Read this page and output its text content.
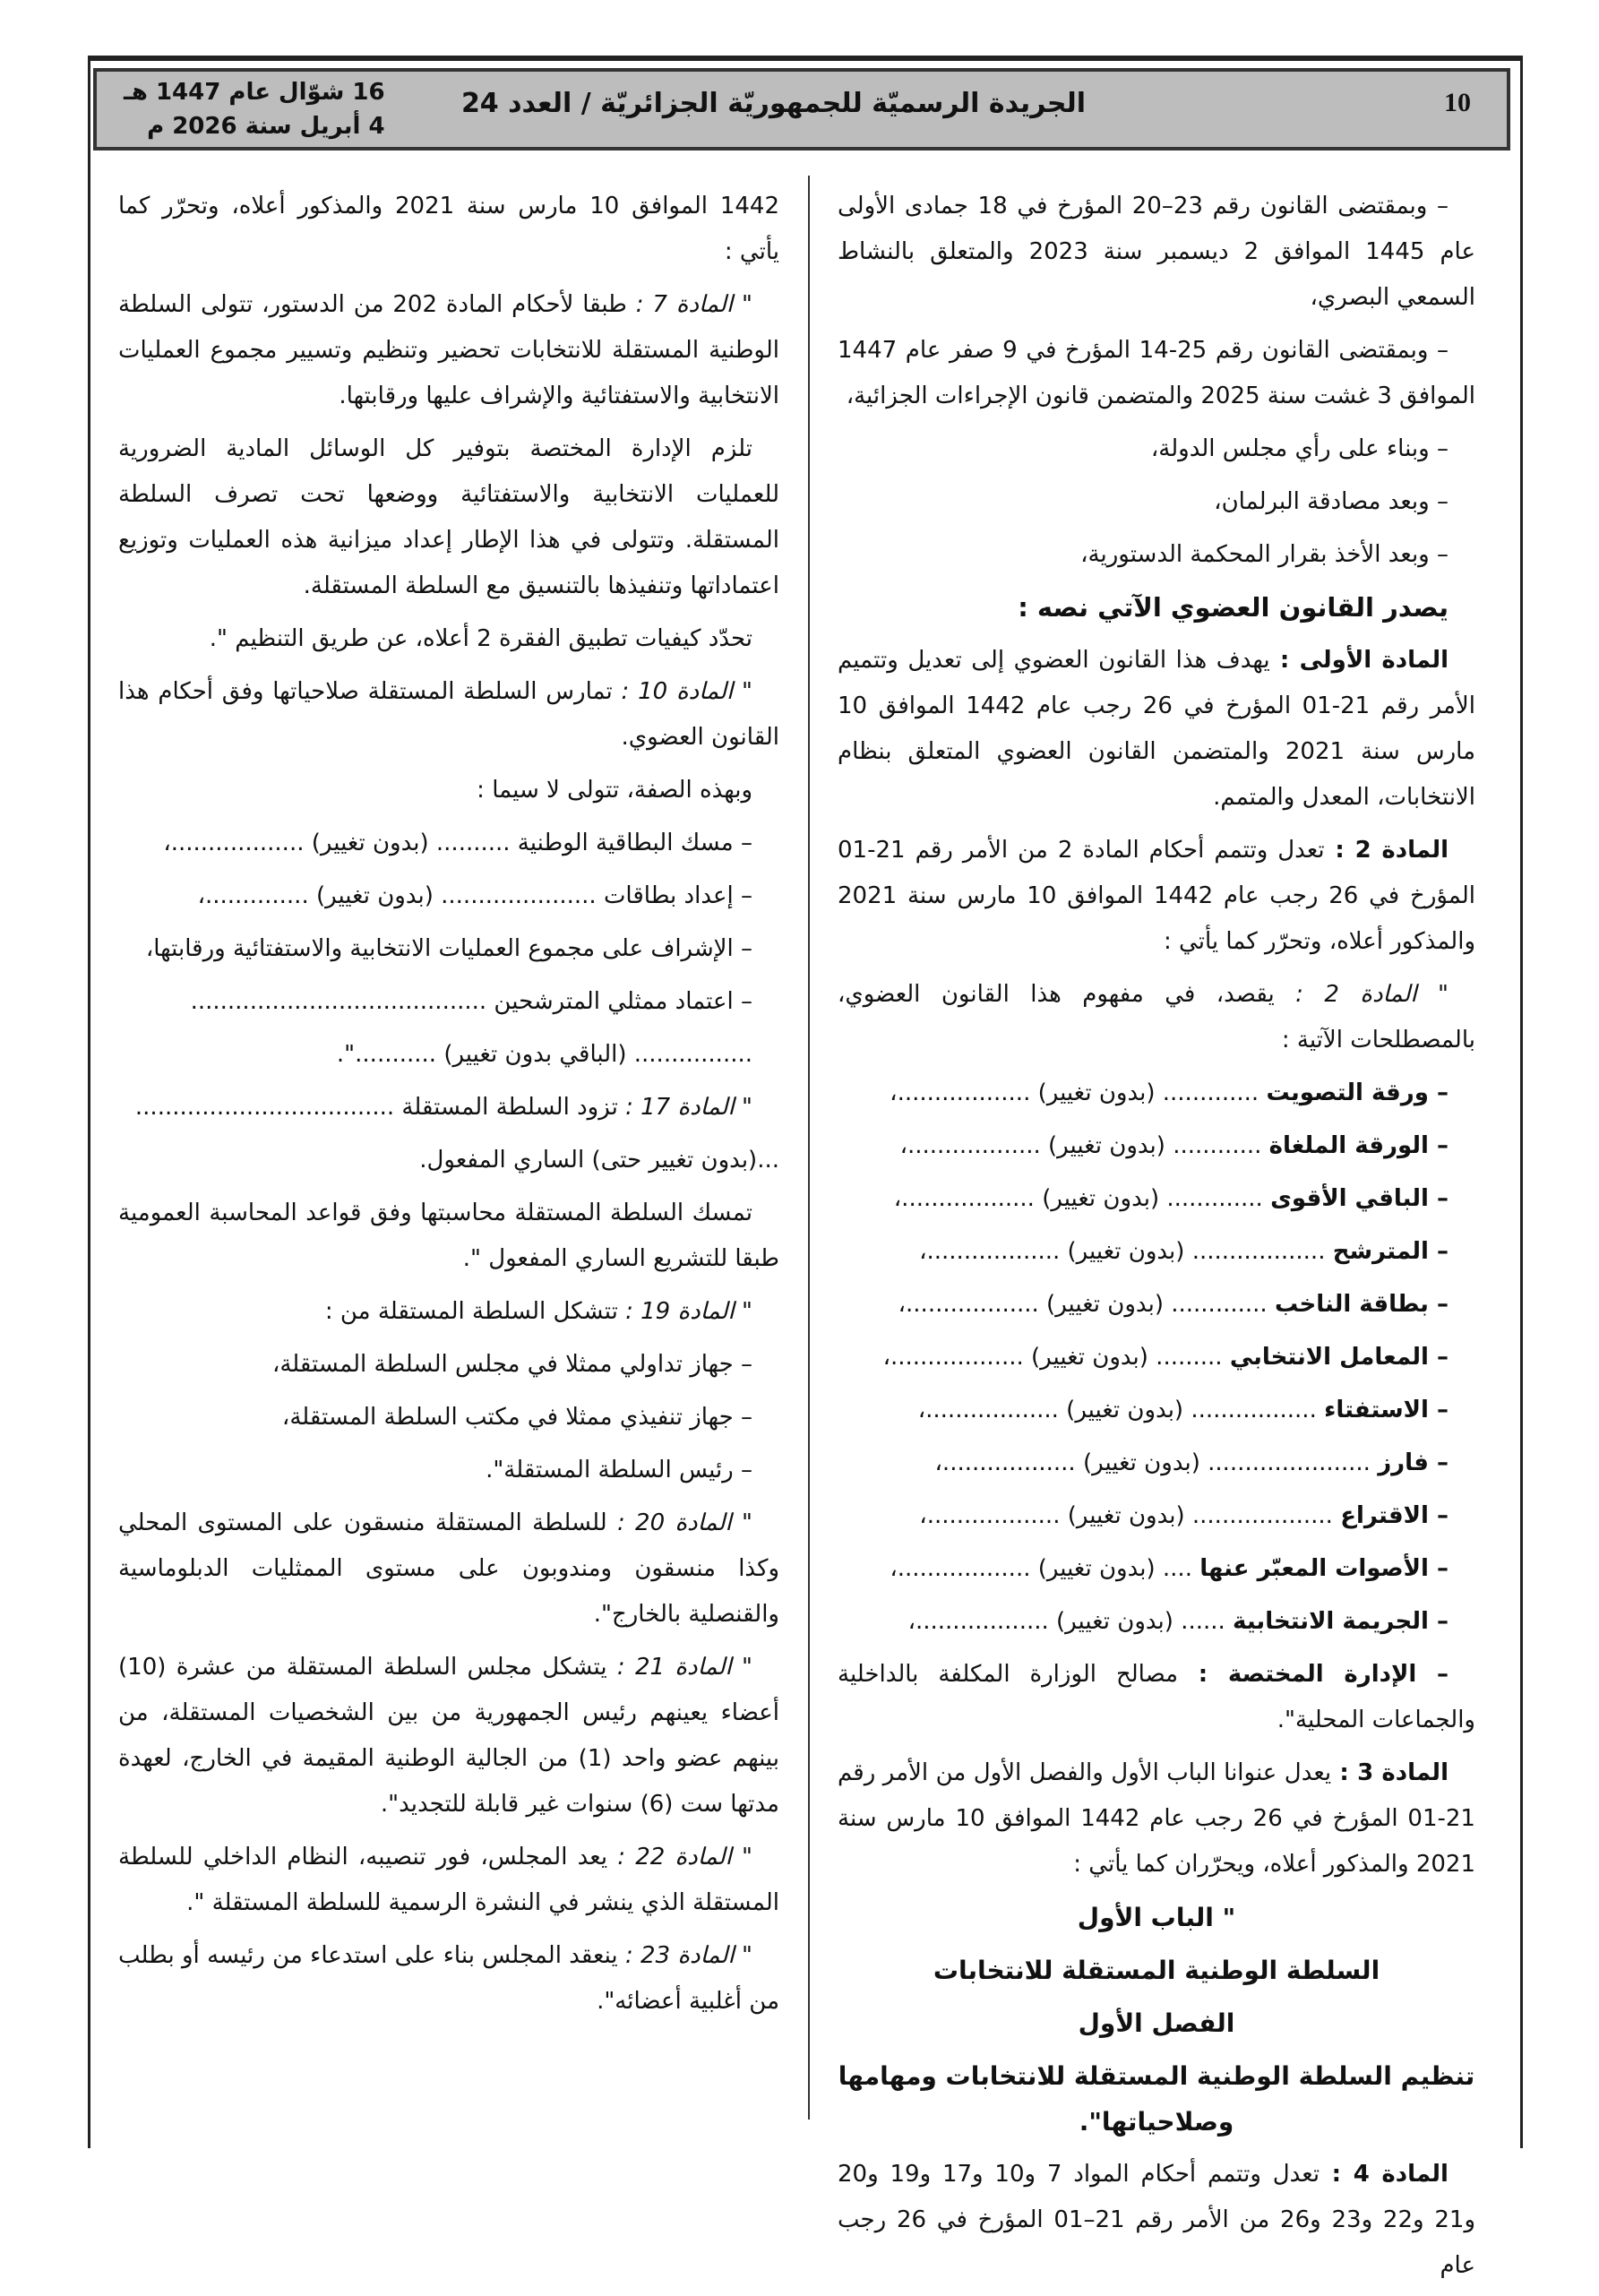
10
الجريدة الرسميّة للجمهوريّة الجزائريّة / العدد 24
16 شوّال عام 1447 هـ
4 أبريل سنة 2026 م

– وبمقتضى القانون رقم 23–20 المؤرخ في 18 جمادى الأولى عام 1445 الموافق 2 ديسمبر سنة 2023 والمتعلق بالنشاط السمعي البصري،

– وبمقتضى القانون رقم 25-14 المؤرخ في 9 صفر عام 1447 الموافق 3 غشت سنة 2025 والمتضمن قانون الإجراءات الجزائية،

– وبناء على رأي مجلس الدولة،

– وبعد مصادقة البرلمان،

– وبعد الأخذ بقرار المحكمة الدستورية،

يصدر القانون العضوي الآتي نصه :

المادة الأولى : يهدف هذا القانون العضوي إلى تعديل وتتميم الأمر رقم 21-01 المؤرخ في 26 رجب عام 1442 الموافق 10 مارس سنة 2021 والمتضمن القانون العضوي المتعلق بنظام الانتخابات، المعدل والمتمم.

المادة 2 : تعدل وتتمم أحكام المادة 2 من الأمر رقم 21-01 المؤرخ في 26 رجب عام 1442 الموافق 10 مارس سنة 2021 والمذكور أعلاه، وتحرّر كما يأتي :

" المادة 2 : يقصد، في مفهوم هذا القانون العضوي، بالمصطلحات الآتية :

– ورقة التصويت ............. (بدون تغيير) ..................،

– الورقة الملغاة ............ (بدون تغيير) ..................،

– الباقي الأقوى ............. (بدون تغيير) ..................،

– المترشح .................. (بدون تغيير) ..................،

– بطاقة الناخب ............. (بدون تغيير) ..................،

– المعامل الانتخابي ......... (بدون تغيير) ..................،

– الاستفتاء ................. (بدون تغيير) ..................،

– فارز ...................... (بدون تغيير) ..................،

– الاقتراع ................... (بدون تغيير) ..................،

– الأصوات المعبّر عنها .... (بدون تغيير) ..................،

– الجريمة الانتخابية ...... (بدون تغيير) ..................،

– الإدارة المختصة : مصالح الوزارة المكلفة بالداخلية والجماعات المحلية".

المادة 3 : يعدل عنوانا الباب الأول والفصل الأول من الأمر رقم 21-01 المؤرخ في 26 رجب عام 1442 الموافق 10 مارس سنة 2021 والمذكور أعلاه، ويحرّران كما يأتي :

" الباب الأول

السلطة الوطنية المستقلة للانتخابات

الفصل الأول

تنظيم السلطة الوطنية المستقلة للانتخابات ومهامها وصلاحياتها".

المادة 4 : تعدل وتتمم أحكام المواد 7 و10 و17 و19 و20 و21 و22 و23 و26 من الأمر رقم 21–01 المؤرخ في 26 رجب عام

1442 الموافق 10 مارس سنة 2021 والمذكور أعلاه، وتحرّر كما يأتي :

" المادة 7 : طبقا لأحكام المادة 202 من الدستور، تتولى السلطة الوطنية المستقلة للانتخابات تحضير وتنظيم وتسيير مجموع العمليات الانتخابية والاستفتائية والإشراف عليها ورقابتها.

تلزم الإدارة المختصة بتوفير كل الوسائل المادية الضرورية للعمليات الانتخابية والاستفتائية ووضعها تحت تصرف السلطة المستقلة. وتتولى في هذا الإطار إعداد ميزانية هذه العمليات وتوزيع اعتماداتها وتنفيذها بالتنسيق مع السلطة المستقلة.

تحدّد كيفيات تطبيق الفقرة 2 أعلاه، عن طريق التنظيم ".

" المادة 10 : تمارس السلطة المستقلة صلاحياتها وفق أحكام هذا القانون العضوي.

وبهذه الصفة، تتولى لا سيما :

– مسك البطاقية الوطنية .......... (بدون تغيير) ..................،

– إعداد بطاقات ..................... (بدون تغيير) ..............،

– الإشراف على مجموع العمليات الانتخابية والاستفتائية ورقابتها،

– اعتماد ممثلي المترشحين ........................................

................ (الباقي بدون تغيير) ...........".

" المادة 17 : تزود السلطة المستقلة ...................................

...(بدون تغيير حتى) الساري المفعول.

تمسك السلطة المستقلة محاسبتها وفق قواعد المحاسبة العمومية طبقا للتشريع الساري المفعول ".

" المادة 19 : تتشكل السلطة المستقلة من :

– جهاز تداولي ممثلا في مجلس السلطة المستقلة،

– جهاز تنفيذي ممثلا في مكتب السلطة المستقلة،

– رئيس السلطة المستقلة".

" المادة 20 : للسلطة المستقلة منسقون على المستوى المحلي وكذا منسقون ومندوبون على مستوى الممثليات الدبلوماسية والقنصلية بالخارج".

" المادة 21 : يتشكل مجلس السلطة المستقلة من عشرة (10) أعضاء يعينهم رئيس الجمهورية من بين الشخصيات المستقلة، من بينهم عضو واحد (1) من الجالية الوطنية المقيمة في الخارج، لعهدة مدتها ست (6) سنوات غير قابلة للتجديد".

" المادة 22 : يعد المجلس، فور تنصيبه، النظام الداخلي للسلطة المستقلة الذي ينشر في النشرة الرسمية للسلطة المستقلة ".

" المادة 23 : ينعقد المجلس بناء على استدعاء من رئيسه أو بطلب من أغلبية أعضائه".
